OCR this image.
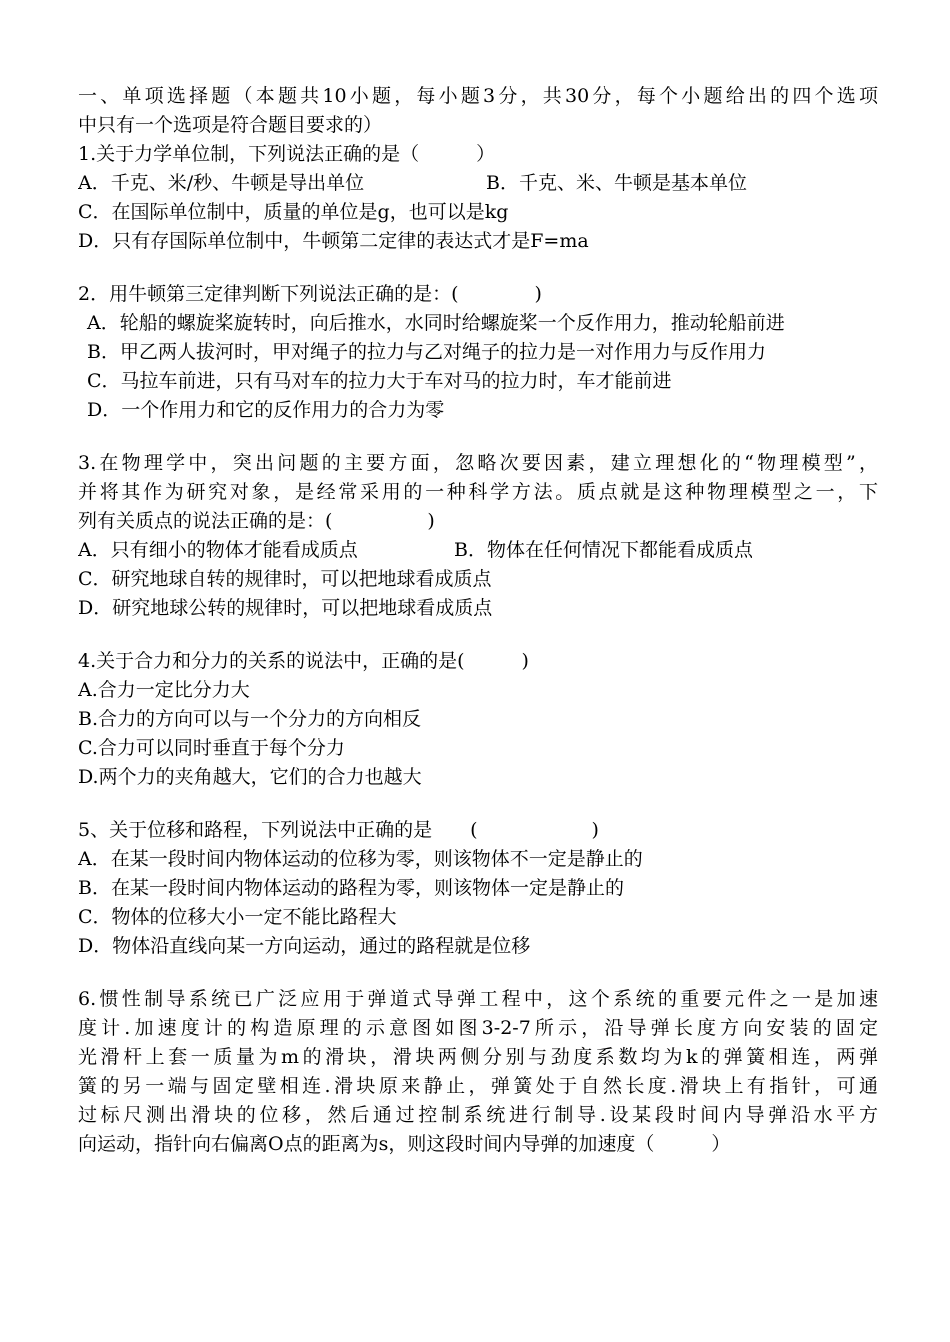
一、单项选择题（本题共10小题，每小题3分，共30分，每个小题给出的四个选项
中只有一个选项是符合题目要求的）
1.关于力学单位制，下列说法正确的是（　　　）
A．千克、米/秒、牛顿是导出单位	B．千克、米、牛顿是基本单位
C．在国际单位制中，质量的单位是g，也可以是kg
D．只有存国际单位制中，牛顿第二定律的表达式才是F=ma
2．用牛顿第三定律判断下列说法正确的是：(　　　　)
A．轮船的螺旋桨旋转时，向后推水，水同时给螺旋桨一个反作用力，推动轮船前进
B．甲乙两人拔河时，甲对绳子的拉力与乙对绳子的拉力是一对作用力与反作用力
C．马拉车前进，只有马对车的拉力大于车对马的拉力时，车才能前进
D．一个作用力和它的反作用力的合力为零
3.在物理学中，突出问题的主要方面，忽略次要因素，建立理想化的“物理模型”，
并将其作为研究对象，是经常采用的一种科学方法。质点就是这种物理模型之一，下
列有关质点的说法正确的是：(　　　　　)
A．只有细小的物体才能看成质点	B．物体在任何情况下都能看成质点
C．研究地球自转的规律时，可以把地球看成质点
D．研究地球公转的规律时，可以把地球看成质点
4.关于合力和分力的关系的说法中，正确的是(　　　)
A.合力一定比分力大
B.合力的方向可以与一个分力的方向相反
C.合力可以同时垂直于每个分力
D.两个力的夹角越大，它们的合力也越大
5、关于位移和路程，下列说法中正确的是　　(　　　　　　)
A．在某一段时间内物体运动的位移为零，则该物体不一定是静止的
B．在某一段时间内物体运动的路程为零，则该物体一定是静止的
C．物体的位移大小一定不能比路程大
D．物体沿直线向某一方向运动，通过的路程就是位移
6.惯性制导系统已广泛应用于弹道式导弹工程中，这个系统的重要元件之一是加速
度计.加速度计的构造原理的示意图如图3-2-7所示，沿导弹长度方向安装的固定
光滑杆上套一质量为m的滑块，滑块两侧分别与劲度系数均为k的弹簧相连，两弹
簧的另一端与固定壁相连.滑块原来静止，弹簧处于自然长度.滑块上有指针，可通
过标尺测出滑块的位移，然后通过控制系统进行制导.设某段时间内导弹沿水平方
向运动，指针向右偏离O点的距离为s，则这段时间内导弹的加速度（　　　）
